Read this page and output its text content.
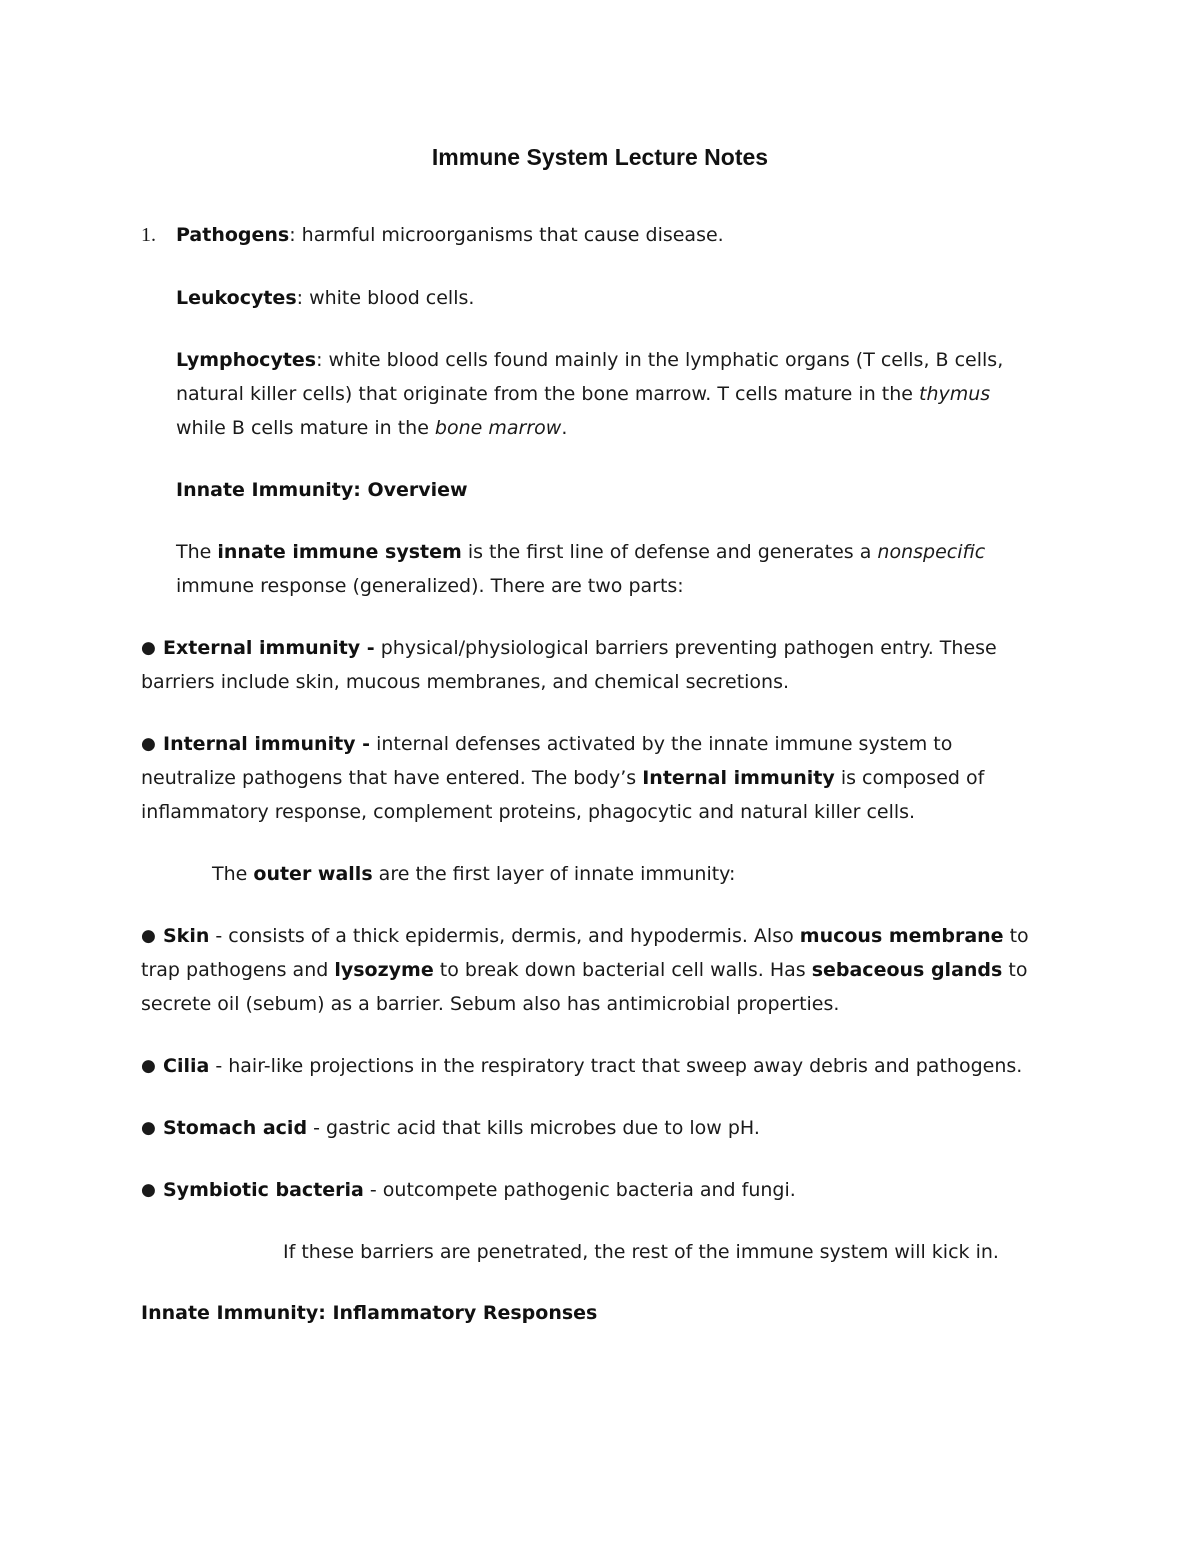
Immune System Lecture Notes
1. Pathogens: harmful microorganisms that cause disease.
Leukocytes: white blood cells.
Lymphocytes: white blood cells found mainly in the lymphatic organs (T cells, B cells,
natural killer cells) that originate from the bone marrow. T cells mature in the thymus
while B cells mature in the bone marrow.
Innate Immunity: Overview
The innate immune system is the first line of defense and generates a nonspecific
immune response (generalized). There are two parts:
● External immunity - physical/physiological barriers preventing pathogen entry. These
barriers include skin, mucous membranes, and chemical secretions.
● Internal immunity - internal defenses activated by the innate immune system to
neutralize pathogens that have entered. The body’s Internal immunity is composed of
inflammatory response, complement proteins, phagocytic and natural killer cells.
The outer walls are the first layer of innate immunity:
● Skin - consists of a thick epidermis, dermis, and hypodermis. Also mucous membrane to
trap pathogens and lysozyme to break down bacterial cell walls. Has sebaceous glands to
secrete oil (sebum) as a barrier. Sebum also has antimicrobial properties.
● Cilia - hair-like projections in the respiratory tract that sweep away debris and pathogens.
● Stomach acid - gastric acid that kills microbes due to low pH.
● Symbiotic bacteria - outcompete pathogenic bacteria and fungi.
If these barriers are penetrated, the rest of the immune system will kick in.
Innate Immunity: Inflammatory Responses
